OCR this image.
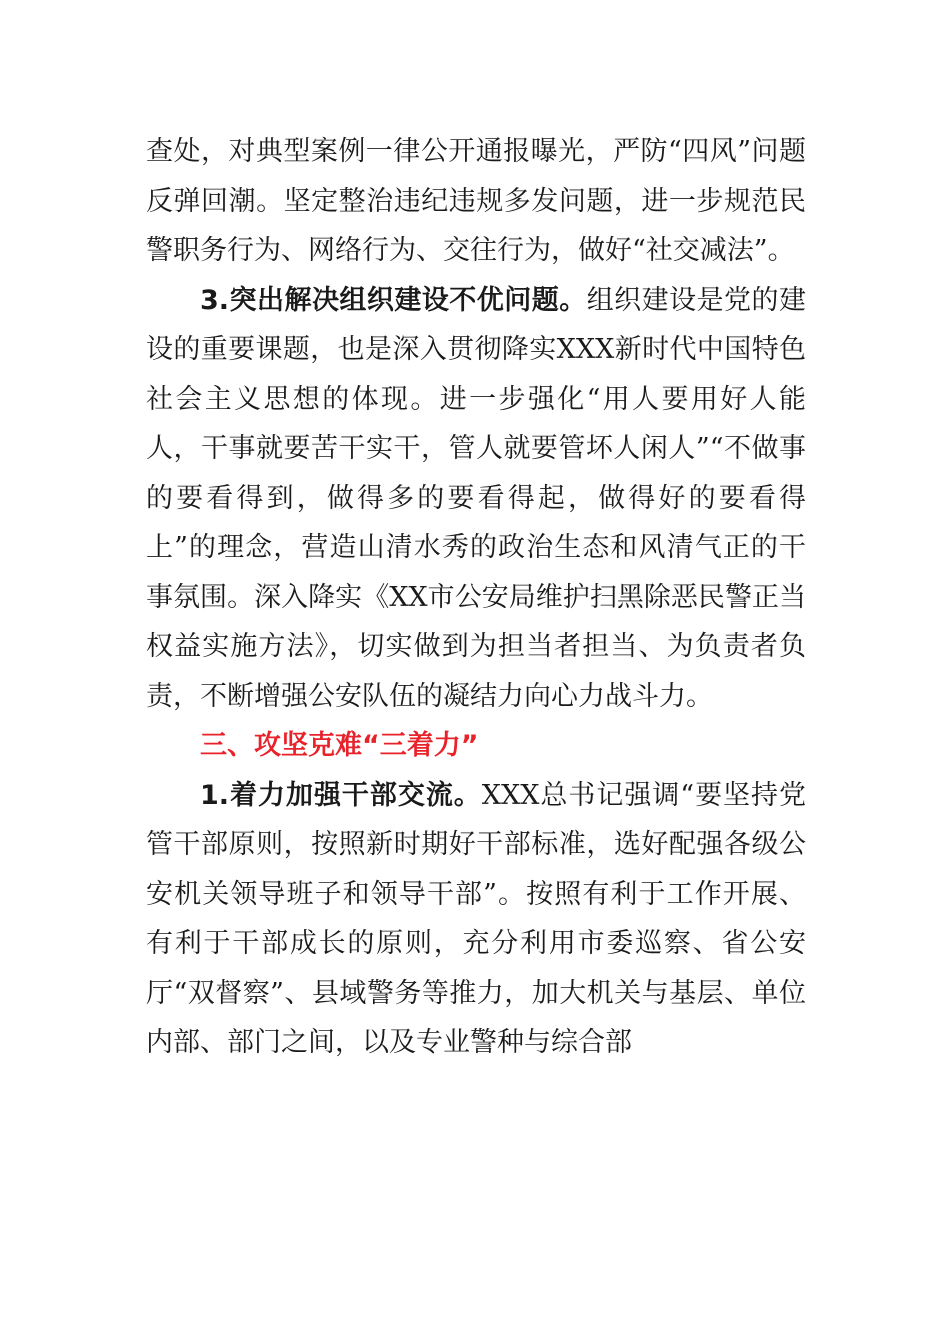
查处，对典型案例一律公开通报曝光，严防“四风”问题反弹回潮。坚定整治违纪违规多发问题，进一步规范民警职务行为、网络行为、交往行为，做好“社交减法”。

3.突出解决组织建设不优问题。组织建设是党的建设的重要课题，也是深入贯彻降实XXX新时代中国特色社会主义思想的体现。进一步强化“用人要用好人能人，干事就要苦干实干，管人就要管坏人闲人”“不做事的要看得到，做得多的要看得起，做得好的要看得上”的理念，营造山清水秀的政治生态和风清气正的干事氛围。深入降实《XX市公安局维护扫黑除恶民警正当权益实施方法》，切实做到为担当者担当、为负责者负责，不断增强公安队伍的凝结力向心力战斗力。

三、攻坚克难“三着力”

1.着力加强干部交流。XXX总书记强调“要坚持党管干部原则，按照新时期好干部标准，选好配强各级公安机关领导班子和领导干部”。按照有利于工作开展、有利于干部成长的原则，充分利用市委巡察、省公安厅“双督察”、县域警务等推力，加大机关与基层、单位内部、部门之间，以及专业警种与综合部
